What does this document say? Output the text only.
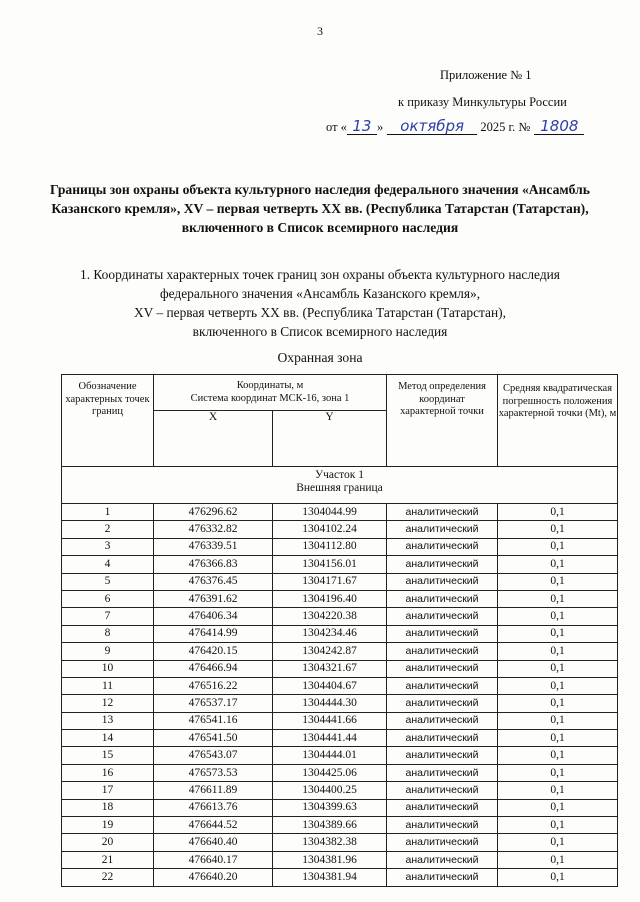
3
Приложение № 1
к приказу Минкультуры России
от « 13 » октября 2025 г. № 1808
Границы зон охраны объекта культурного наследия федерального значения «Ансамбль Казанского кремля», XV – первая четверть XX вв. (Республика Татарстан (Татарстан), включенного в Список всемирного наследия
1. Координаты характерных точек границ зон охраны объекта культурного наследия
федерального значения «Ансамбль Казанского кремля»,
XV – первая четверть XX вв. (Республика Татарстан (Татарстан),
включенного в Список всемирного наследия
Охранная зона
Обозначение характерных точек границ	Координаты, м
Система координат МСК-16, зона 1		Метод определения координат характерной точки	Средняя квадратическая погрешность положения характерной точки (Mt), м
	X	Y		

Участок 1
Внешняя граница				

1	476296.62	1304044.99	аналитический	0,1
2	476332.82	1304102.24	аналитический	0,1
3	476339.51	1304112.80	аналитический	0,1
4	476366.83	1304156.01	аналитический	0,1
5	476376.45	1304171.67	аналитический	0,1
6	476391.62	1304196.40	аналитический	0,1
7	476406.34	1304220.38	аналитический	0,1
8	476414.99	1304234.46	аналитический	0,1
9	476420.15	1304242.87	аналитический	0,1
10	476466.94	1304321.67	аналитический	0,1
11	476516.22	1304404.67	аналитический	0,1
12	476537.17	1304444.30	аналитический	0,1
13	476541.16	1304441.66	аналитический	0,1
14	476541.50	1304441.44	аналитический	0,1
15	476543.07	1304444.01	аналитический	0,1
16	476573.53	1304425.06	аналитический	0,1
17	476611.89	1304400.25	аналитический	0,1
18	476613.76	1304399.63	аналитический	0,1
19	476644.52	1304389.66	аналитический	0,1
20	476640.40	1304382.38	аналитический	0,1
21	476640.17	1304381.96	аналитический	0,1
22	476640.20	1304381.94	аналитический	0,1
